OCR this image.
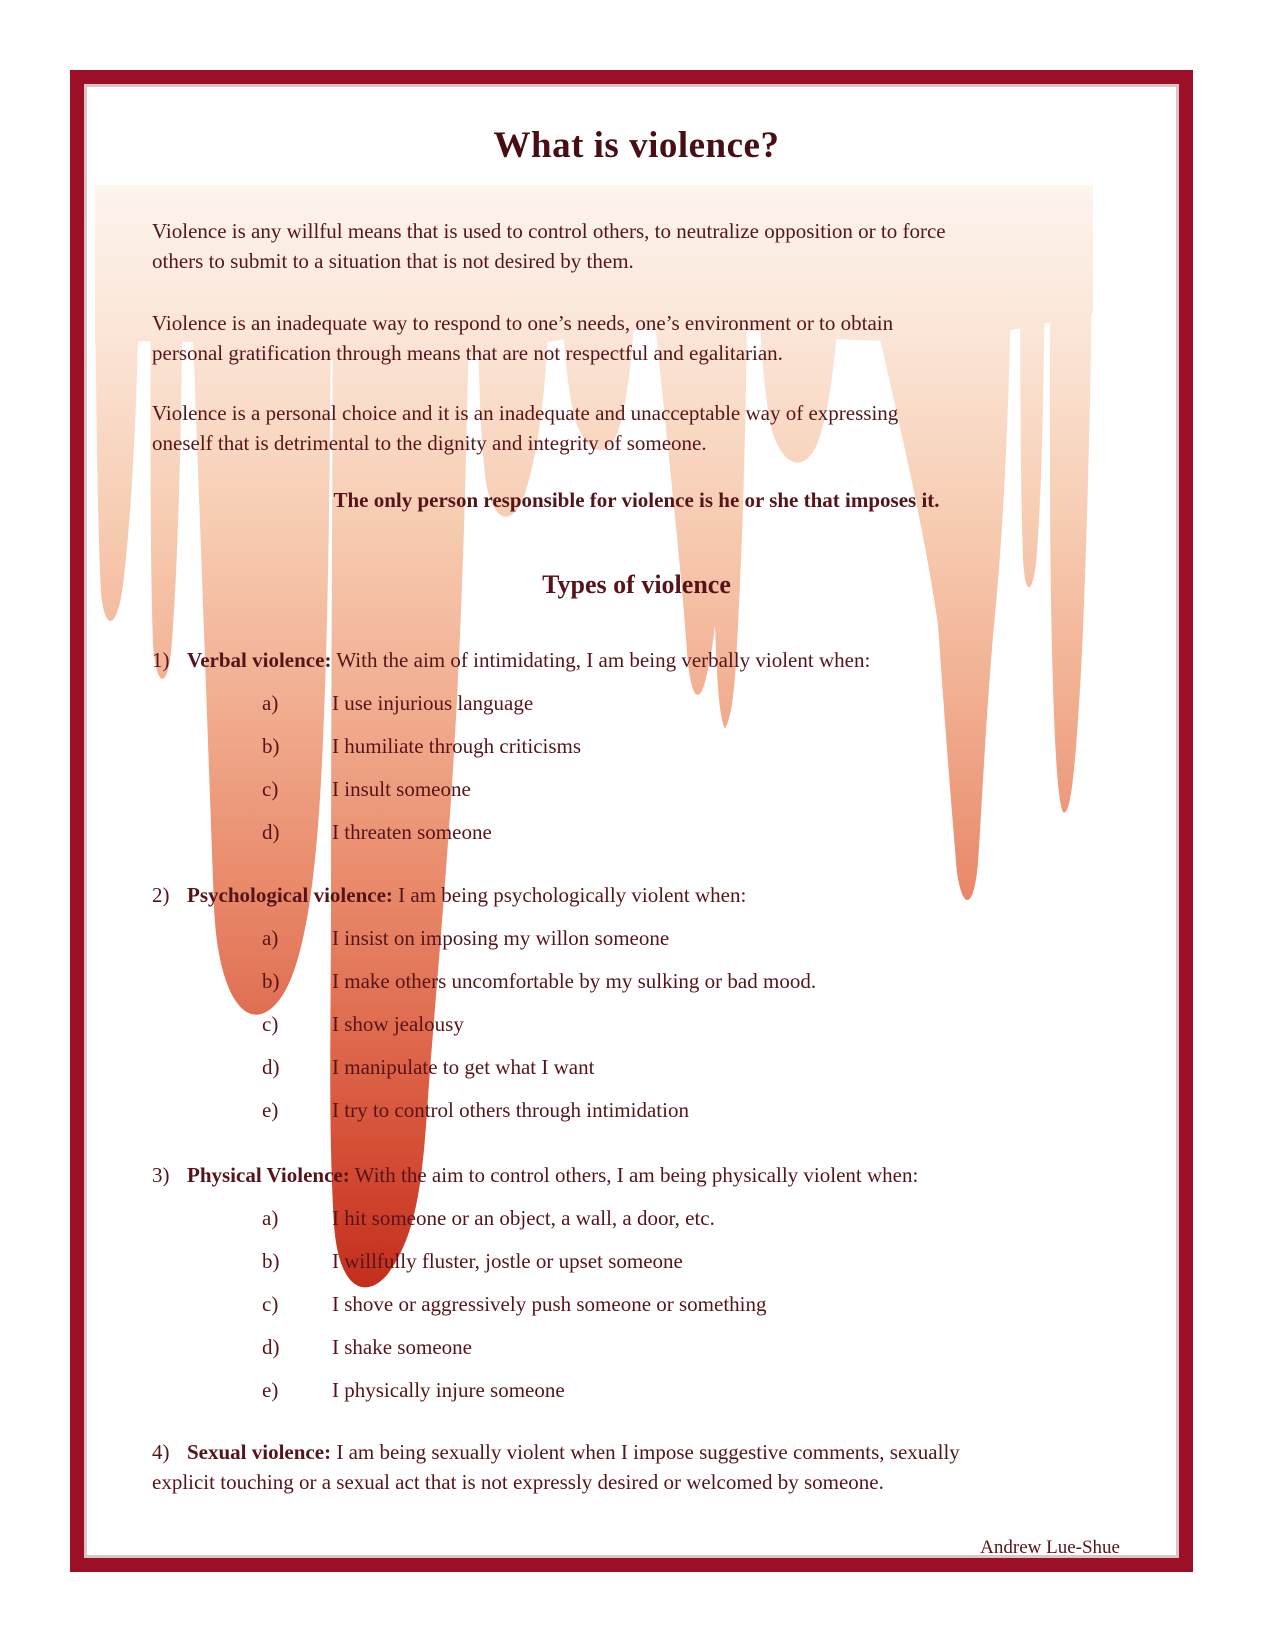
What is violence?
Violence is any willful means that is used to control others, to neutralize opposition or to force
others to submit to a situation that is not desired by them.
Violence is an inadequate way to respond to one’s needs, one’s environment or to obtain
personal gratification through means that are not respectful and egalitarian.
Violence is a personal choice and it is an inadequate and unacceptable way of expressing
oneself that is detrimental to the dignity and integrity of someone.
The only person responsible for violence is he or she that imposes it.
Types of violence
1) Verbal violence: With the aim of intimidating, I am being verbally violent when:
a)	I use injurious language
b)	I humiliate through criticisms
c)	I insult someone
d)	I threaten someone
2) Psychological violence: I am being psychologically violent when:
a)	I insist on imposing my willon someone
b)	I make others uncomfortable by my sulking or bad mood.
c)	I show jealousy
d)	I manipulate to get what I want
e)	I try to control others through intimidation
3) Physical Violence: With the aim to control others, I am being physically violent when:
a)	I hit someone or an object, a wall, a door, etc.
b)	I willfully fluster, jostle or upset someone
c)	I shove or aggressively push someone or something
d)	I shake someone
e)	I physically injure someone
4) Sexual violence: I am being sexually violent when I impose suggestive comments, sexually
explicit touching or a sexual act that is not expressly desired or welcomed by someone.
Andrew Lue-Shue
